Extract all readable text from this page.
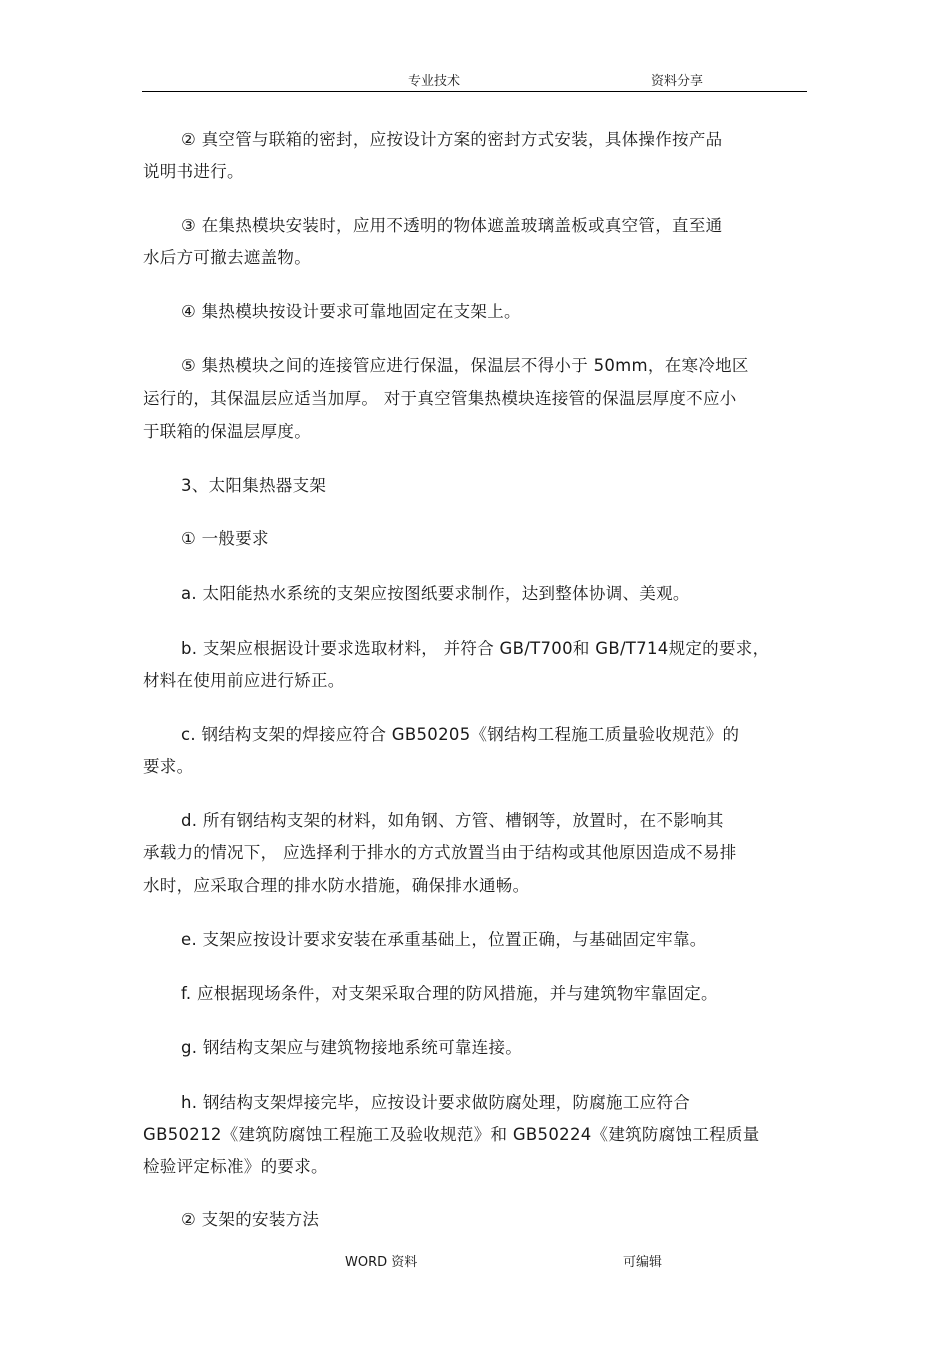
专业技术	资料分享
② 真空管与联箱的密封，应按设计方案的密封方式安装，具体操作按产品
说明书进行。
③ 在集热模块安装时，应用不透明的物体遮盖玻璃盖板或真空管，直至通
水后方可撤去遮盖物。
④ 集热模块按设计要求可靠地固定在支架上。
⑤ 集热模块之间的连接管应进行保温，保温层不得小于 50mm，在寒冷地区
运行的，其保温层应适当加厚。 对于真空管集热模块连接管的保温层厚度不应小
于联箱的保温层厚度。
3、太阳集热器支架
① 一般要求
a. 太阳能热水系统的支架应按图纸要求制作，达到整体协调、美观。
b. 支架应根据设计要求选取材料， 并符合 GB/T700和 GB/T714规定的要求，
材料在使用前应进行矫正。
c. 钢结构支架的焊接应符合 GB50205《钢结构工程施工质量验收规范》的
要求。
d. 所有钢结构支架的材料，如角钢、方管、槽钢等，放置时，在不影响其
承载力的情况下， 应选择利于排水的方式放置当由于结构或其他原因造成不易排
水时，应采取合理的排水防水措施，确保排水通畅。
e. 支架应按设计要求安装在承重基础上，位置正确，与基础固定牢靠。
f. 应根据现场条件，对支架采取合理的防风措施，并与建筑物牢靠固定。
g. 钢结构支架应与建筑物接地系统可靠连接。
h. 钢结构支架焊接完毕，应按设计要求做防腐处理，防腐施工应符合
GB50212《建筑防腐蚀工程施工及验收规范》和 GB50224《建筑防腐蚀工程质量
检验评定标准》的要求。
② 支架的安装方法
WORD 资料	可编辑
